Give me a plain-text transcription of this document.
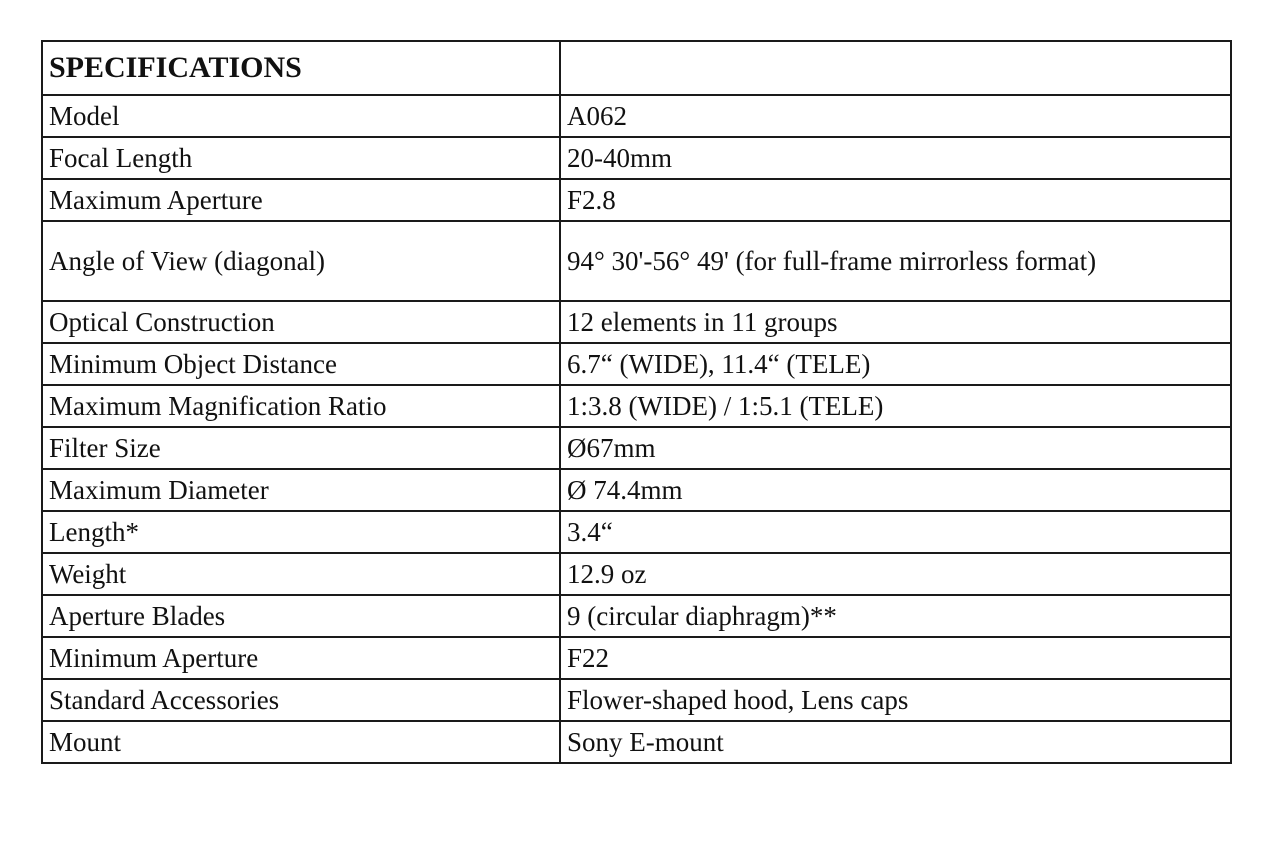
SPECIFICATIONS	
Model	A062
Focal Length	20-40mm
Maximum Aperture	F2.8
Angle of View (diagonal)	94° 30'-56° 49' (for full-frame mirrorless format)
Optical Construction	12 elements in 11 groups
Minimum Object Distance	6.7“ (WIDE), 11.4“ (TELE)
Maximum Magnification Ratio	1:3.8 (WIDE) / 1:5.1 (TELE)
Filter Size	Ø67mm
Maximum Diameter	Ø 74.4mm
Length*	3.4“
Weight	12.9 oz
Aperture Blades	9 (circular diaphragm)**
Minimum Aperture	F22
Standard Accessories	Flower-shaped hood, Lens caps
Mount	Sony E-mount
